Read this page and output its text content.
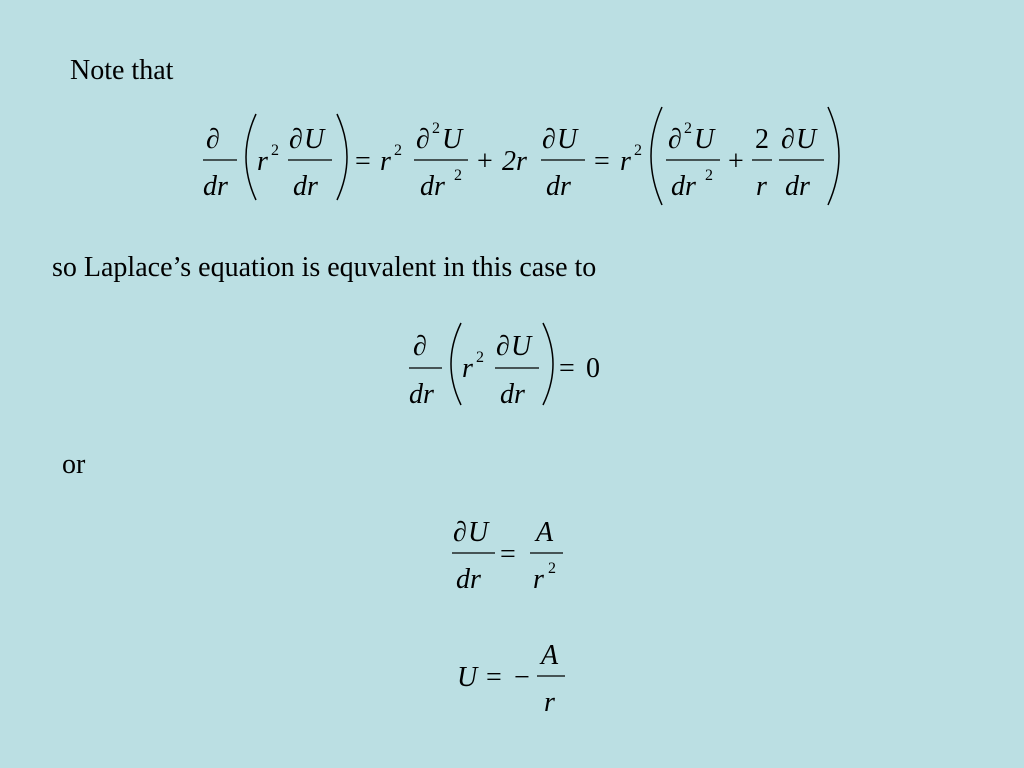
Note that
∂
dr
r 2 ∂ U
dr
= r 2 ∂ 2 U
dr 2 + 2r
∂ U
dr
= r 2 ∂ 2 U
dr 2 +
2
r
∂ U
dr
so Laplace’s equation is equvalent in this case to
∂
dr
r 2 ∂ U
dr
= 0
or
∂ U
dr
=
A
r 2
U = −
A
r
